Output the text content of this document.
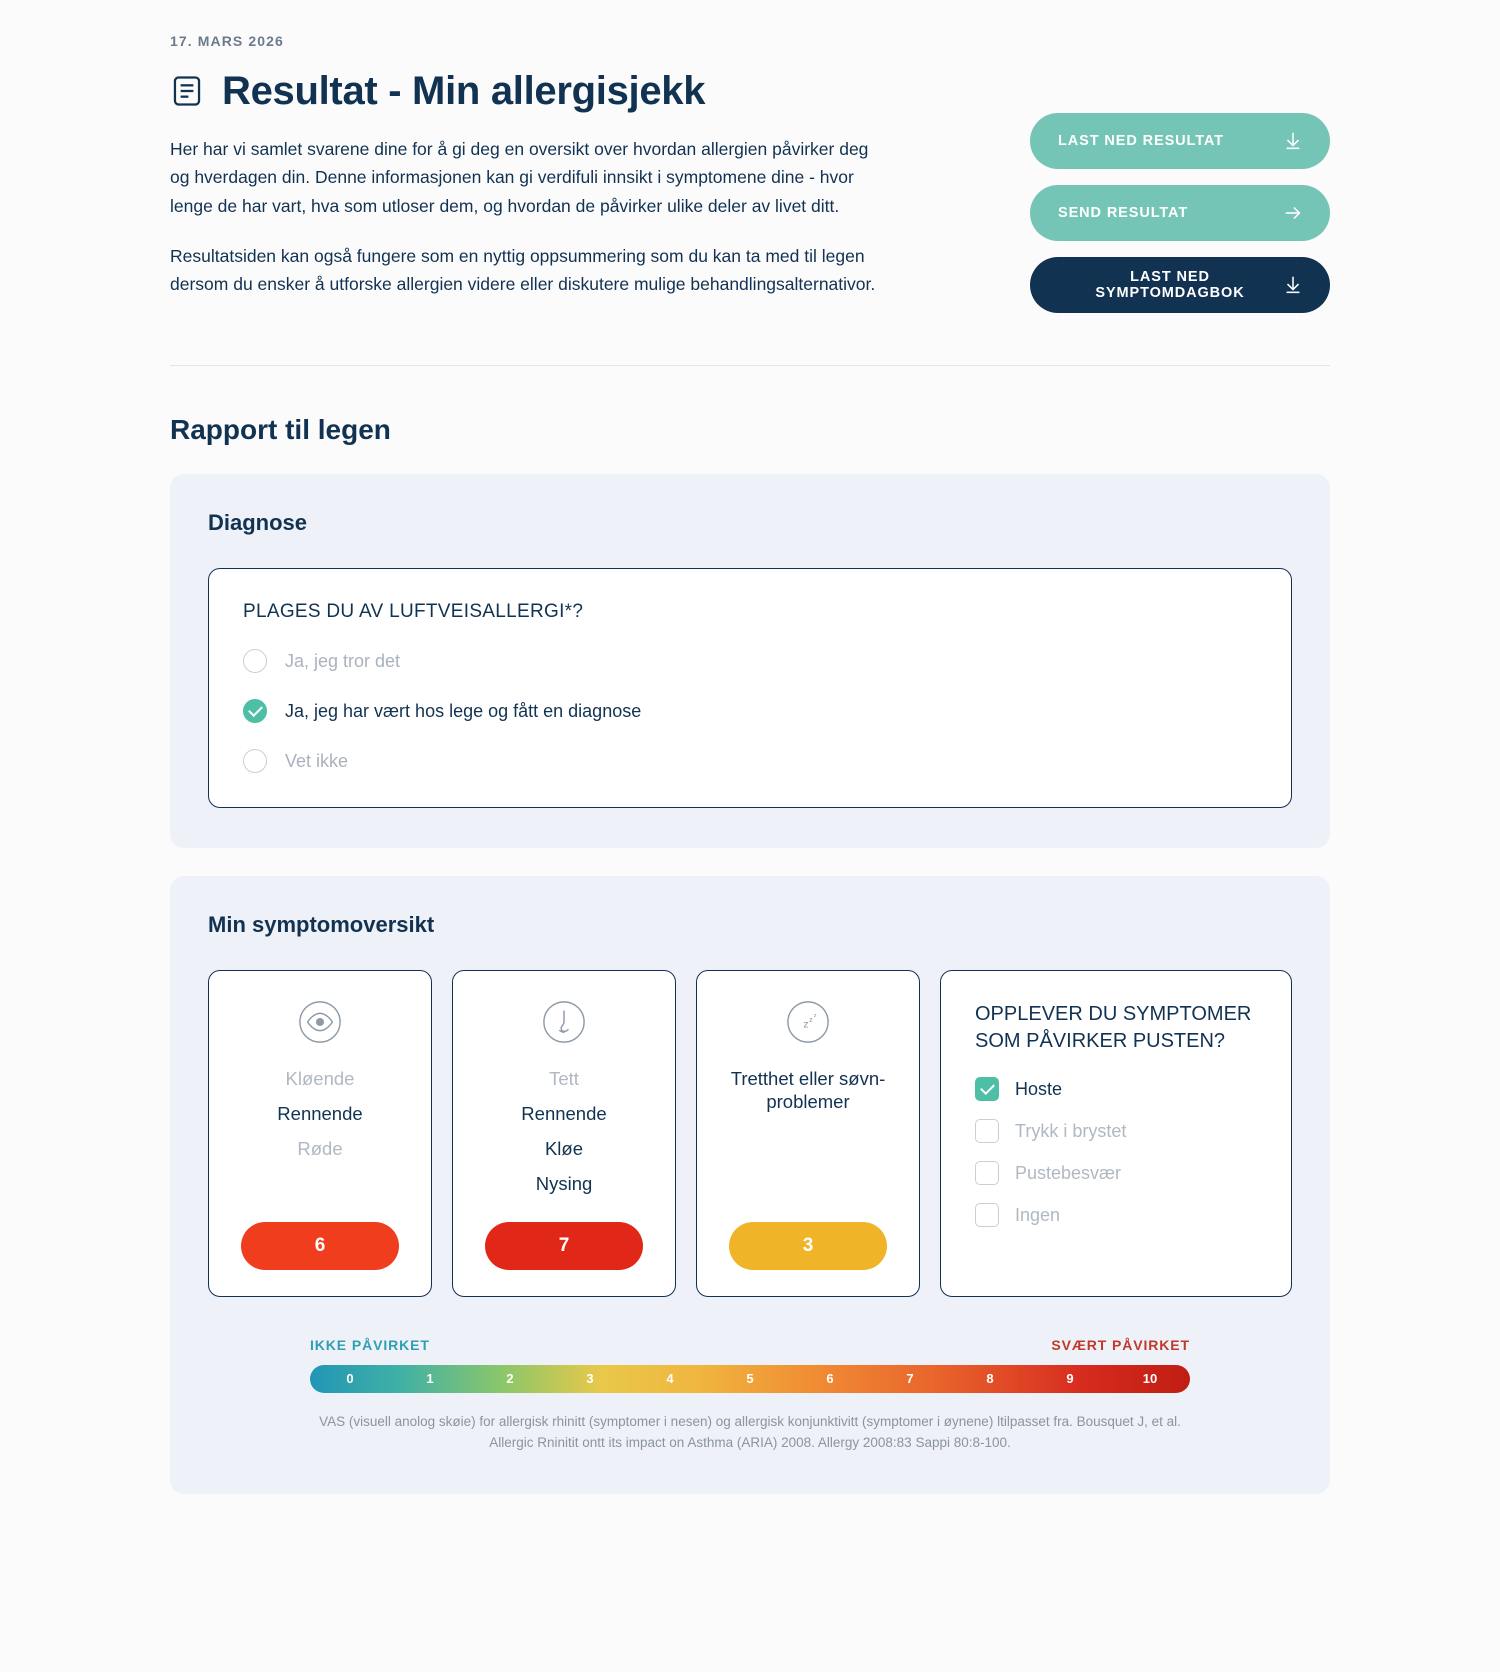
17. MARS 2026
Resultat - Min allergisjekk

Her har vi samlet svarene dine for å gi deg en oversikt over hvordan allergien påvirker deg og hverdagen din. Denne informasjonen kan gi verdifuli innsikt i symptomene dine - hvor lenge de har vart, hva som utloser dem, og hvordan de påvirker ulike deler av livet ditt.

Resultatsiden kan også fungere som en nyttig oppsummering som du kan ta med til legen dersom du ensker å utforske allergien videre eller diskutere mulige behandlingsalternativor.

LAST NED RESULTAT
SEND RESULTAT
LAST NED SYMPTOMDAGBOK
Rapport til legen
Diagnose
PLAGES DU AV LUFTVEISALLERGI*?
Ja, jeg tror det
Ja, jeg har vært hos lege og fått en diagnose
Vet ikke
Min symptomoversikt
Kløende
Rennende
Røde
6
Tett
Rennende
Kløe
Nysing
7
z z z
Tretthet eller søvn-problemer
3
OPPLEVER DU SYMPTOMER SOM PÅVIRKER PUSTEN?
Hoste
Trykk i brystet
Pustebesvær
Ingen
IKKE PÅVIRKET	SVÆRT PÅVIRKET
0	1	2	3	4	5	6	7	8	9	10
VAS (visuell anolog skøie) for allergisk rhinitt (symptomer i nesen) og allergisk konjunktivitt (symptomer i øynene) ltilpasset fra. Bousquet J, et al. Allergic Rninitit ontt its impact on Asthma (ARIA) 2008. Allergy 2008:83 Sappi 80:8-100.
